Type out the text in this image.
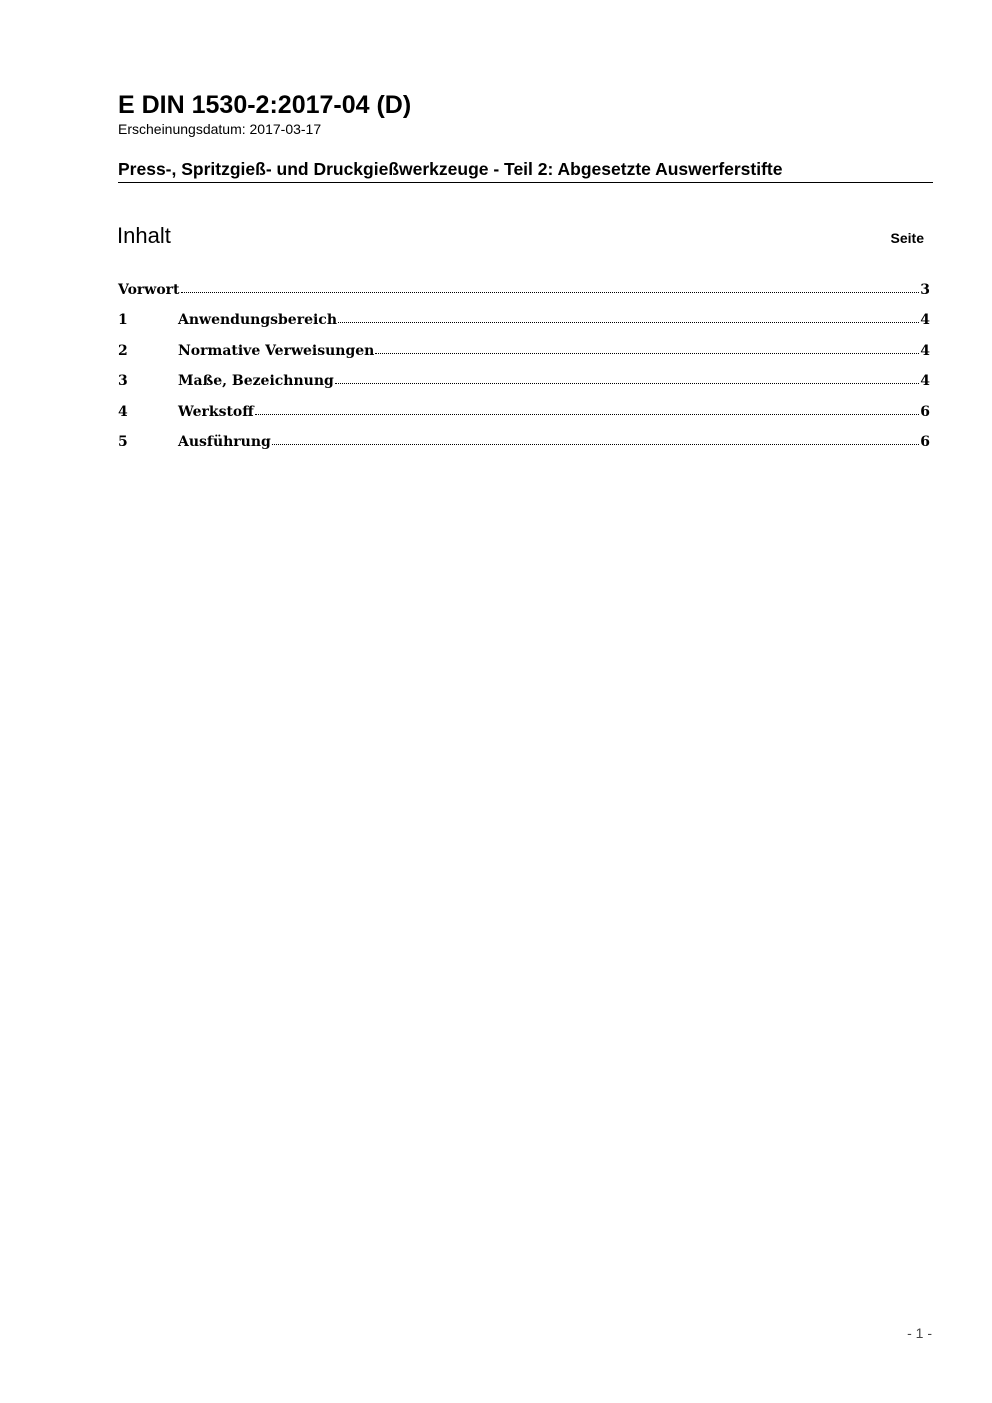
E DIN 1530-2:2017-04 (D)
Erscheinungsdatum: 2017-03-17
Press-, Spritzgieß- und Druckgießwerkzeuge - Teil 2: Abgesetzte Auswerferstifte
Inhalt	Seite
Vorwort	3
1	Anwendungsbereich	4
2	Normative Verweisungen	4
3	Maße, Bezeichnung	4
4	Werkstoff	6
5	Ausführung	6
- 1 -
